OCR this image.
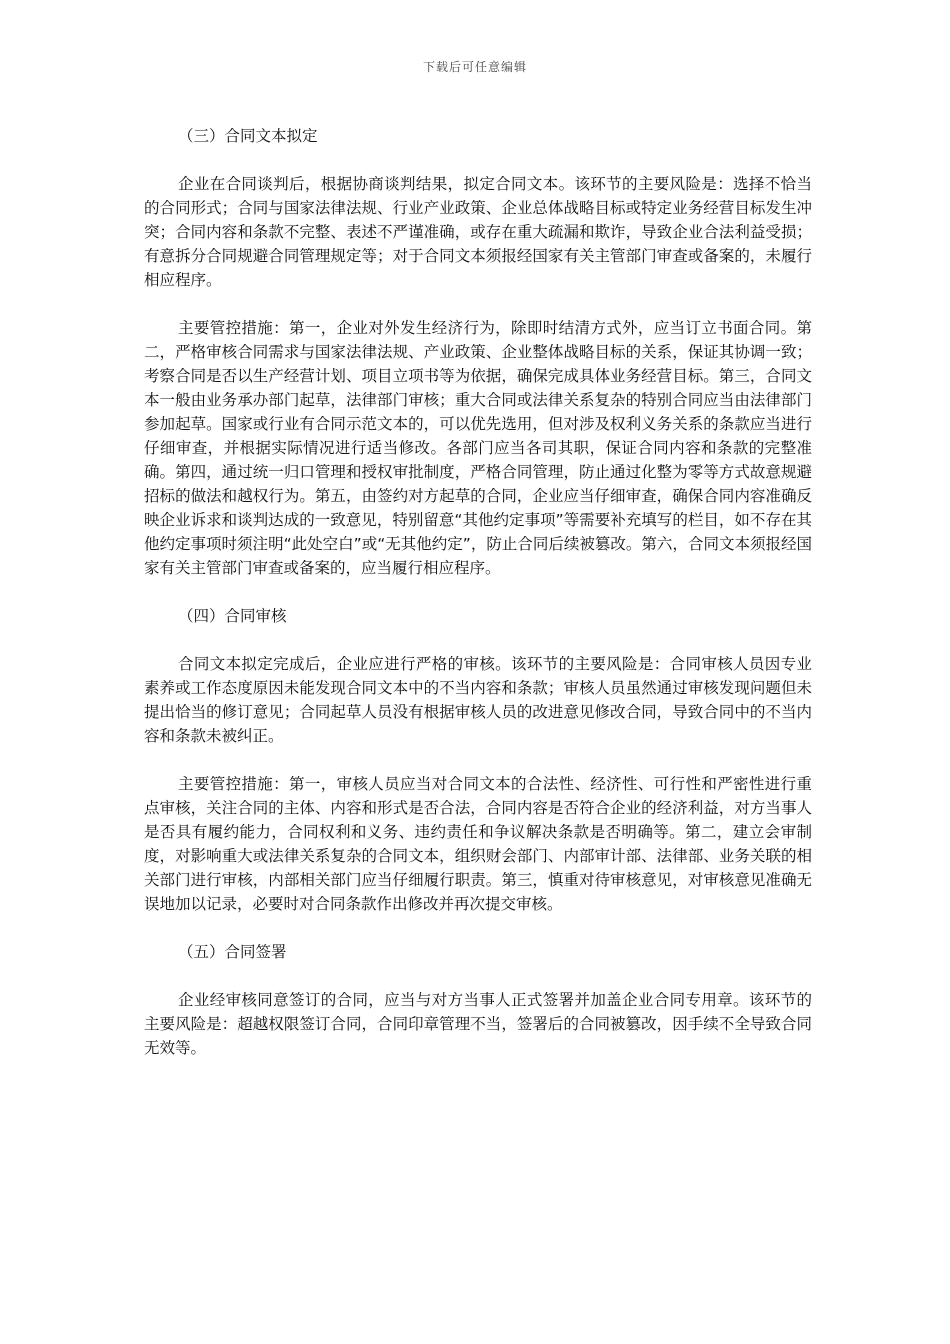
下载后可任意编辑
（三）合同文本拟定

企业在合同谈判后，根据协商谈判结果，拟定合同文本。该环节的主要风险是：选择不恰当的合同形式；合同与国家法律法规、行业产业政策、企业总体战略目标或特定业务经营目标发生冲突；合同内容和条款不完整、表述不严谨准确，或存在重大疏漏和欺诈，导致企业合法利益受损；有意拆分合同规避合同管理规定等；对于合同文本须报经国家有关主管部门审查或备案的，未履行相应程序。

主要管控措施：第一，企业对外发生经济行为，除即时结清方式外，应当订立书面合同。第二，严格审核合同需求与国家法律法规、产业政策、企业整体战略目标的关系，保证其协调一致；考察合同是否以生产经营计划、项目立项书等为依据，确保完成具体业务经营目标。第三，合同文本一般由业务承办部门起草，法律部门审核；重大合同或法律关系复杂的特别合同应当由法律部门参加起草。国家或行业有合同示范文本的，可以优先选用，但对涉及权利义务关系的条款应当进行仔细审查，并根据实际情况进行适当修改。各部门应当各司其职，保证合同内容和条款的完整准确。第四，通过统一归口管理和授权审批制度，严格合同管理，防止通过化整为零等方式故意规避招标的做法和越权行为。第五，由签约对方起草的合同，企业应当仔细审查，确保合同内容准确反映企业诉求和谈判达成的一致意见，特别留意“其他约定事项”等需要补充填写的栏目，如不存在其他约定事项时须注明“此处空白”或“无其他约定”，防止合同后续被篡改。第六，合同文本须报经国家有关主管部门审查或备案的，应当履行相应程序。

（四）合同审核

合同文本拟定完成后，企业应进行严格的审核。该环节的主要风险是：合同审核人员因专业素养或工作态度原因未能发现合同文本中的不当内容和条款；审核人员虽然通过审核发现问题但未提出恰当的修订意见；合同起草人员没有根据审核人员的改进意见修改合同，导致合同中的不当内容和条款未被纠正。

主要管控措施：第一，审核人员应当对合同文本的合法性、经济性、可行性和严密性进行重点审核，关注合同的主体、内容和形式是否合法，合同内容是否符合企业的经济利益，对方当事人是否具有履约能力，合同权利和义务、违约责任和争议解决条款是否明确等。第二，建立会审制度，对影响重大或法律关系复杂的合同文本，组织财会部门、内部审计部、法律部、业务关联的相关部门进行审核，内部相关部门应当仔细履行职责。第三，慎重对待审核意见，对审核意见准确无误地加以记录，必要时对合同条款作出修改并再次提交审核。

（五）合同签署

企业经审核同意签订的合同，应当与对方当事人正式签署并加盖企业合同专用章。该环节的主要风险是：超越权限签订合同，合同印章管理不当，签署后的合同被篡改，因手续不全导致合同无效等。
